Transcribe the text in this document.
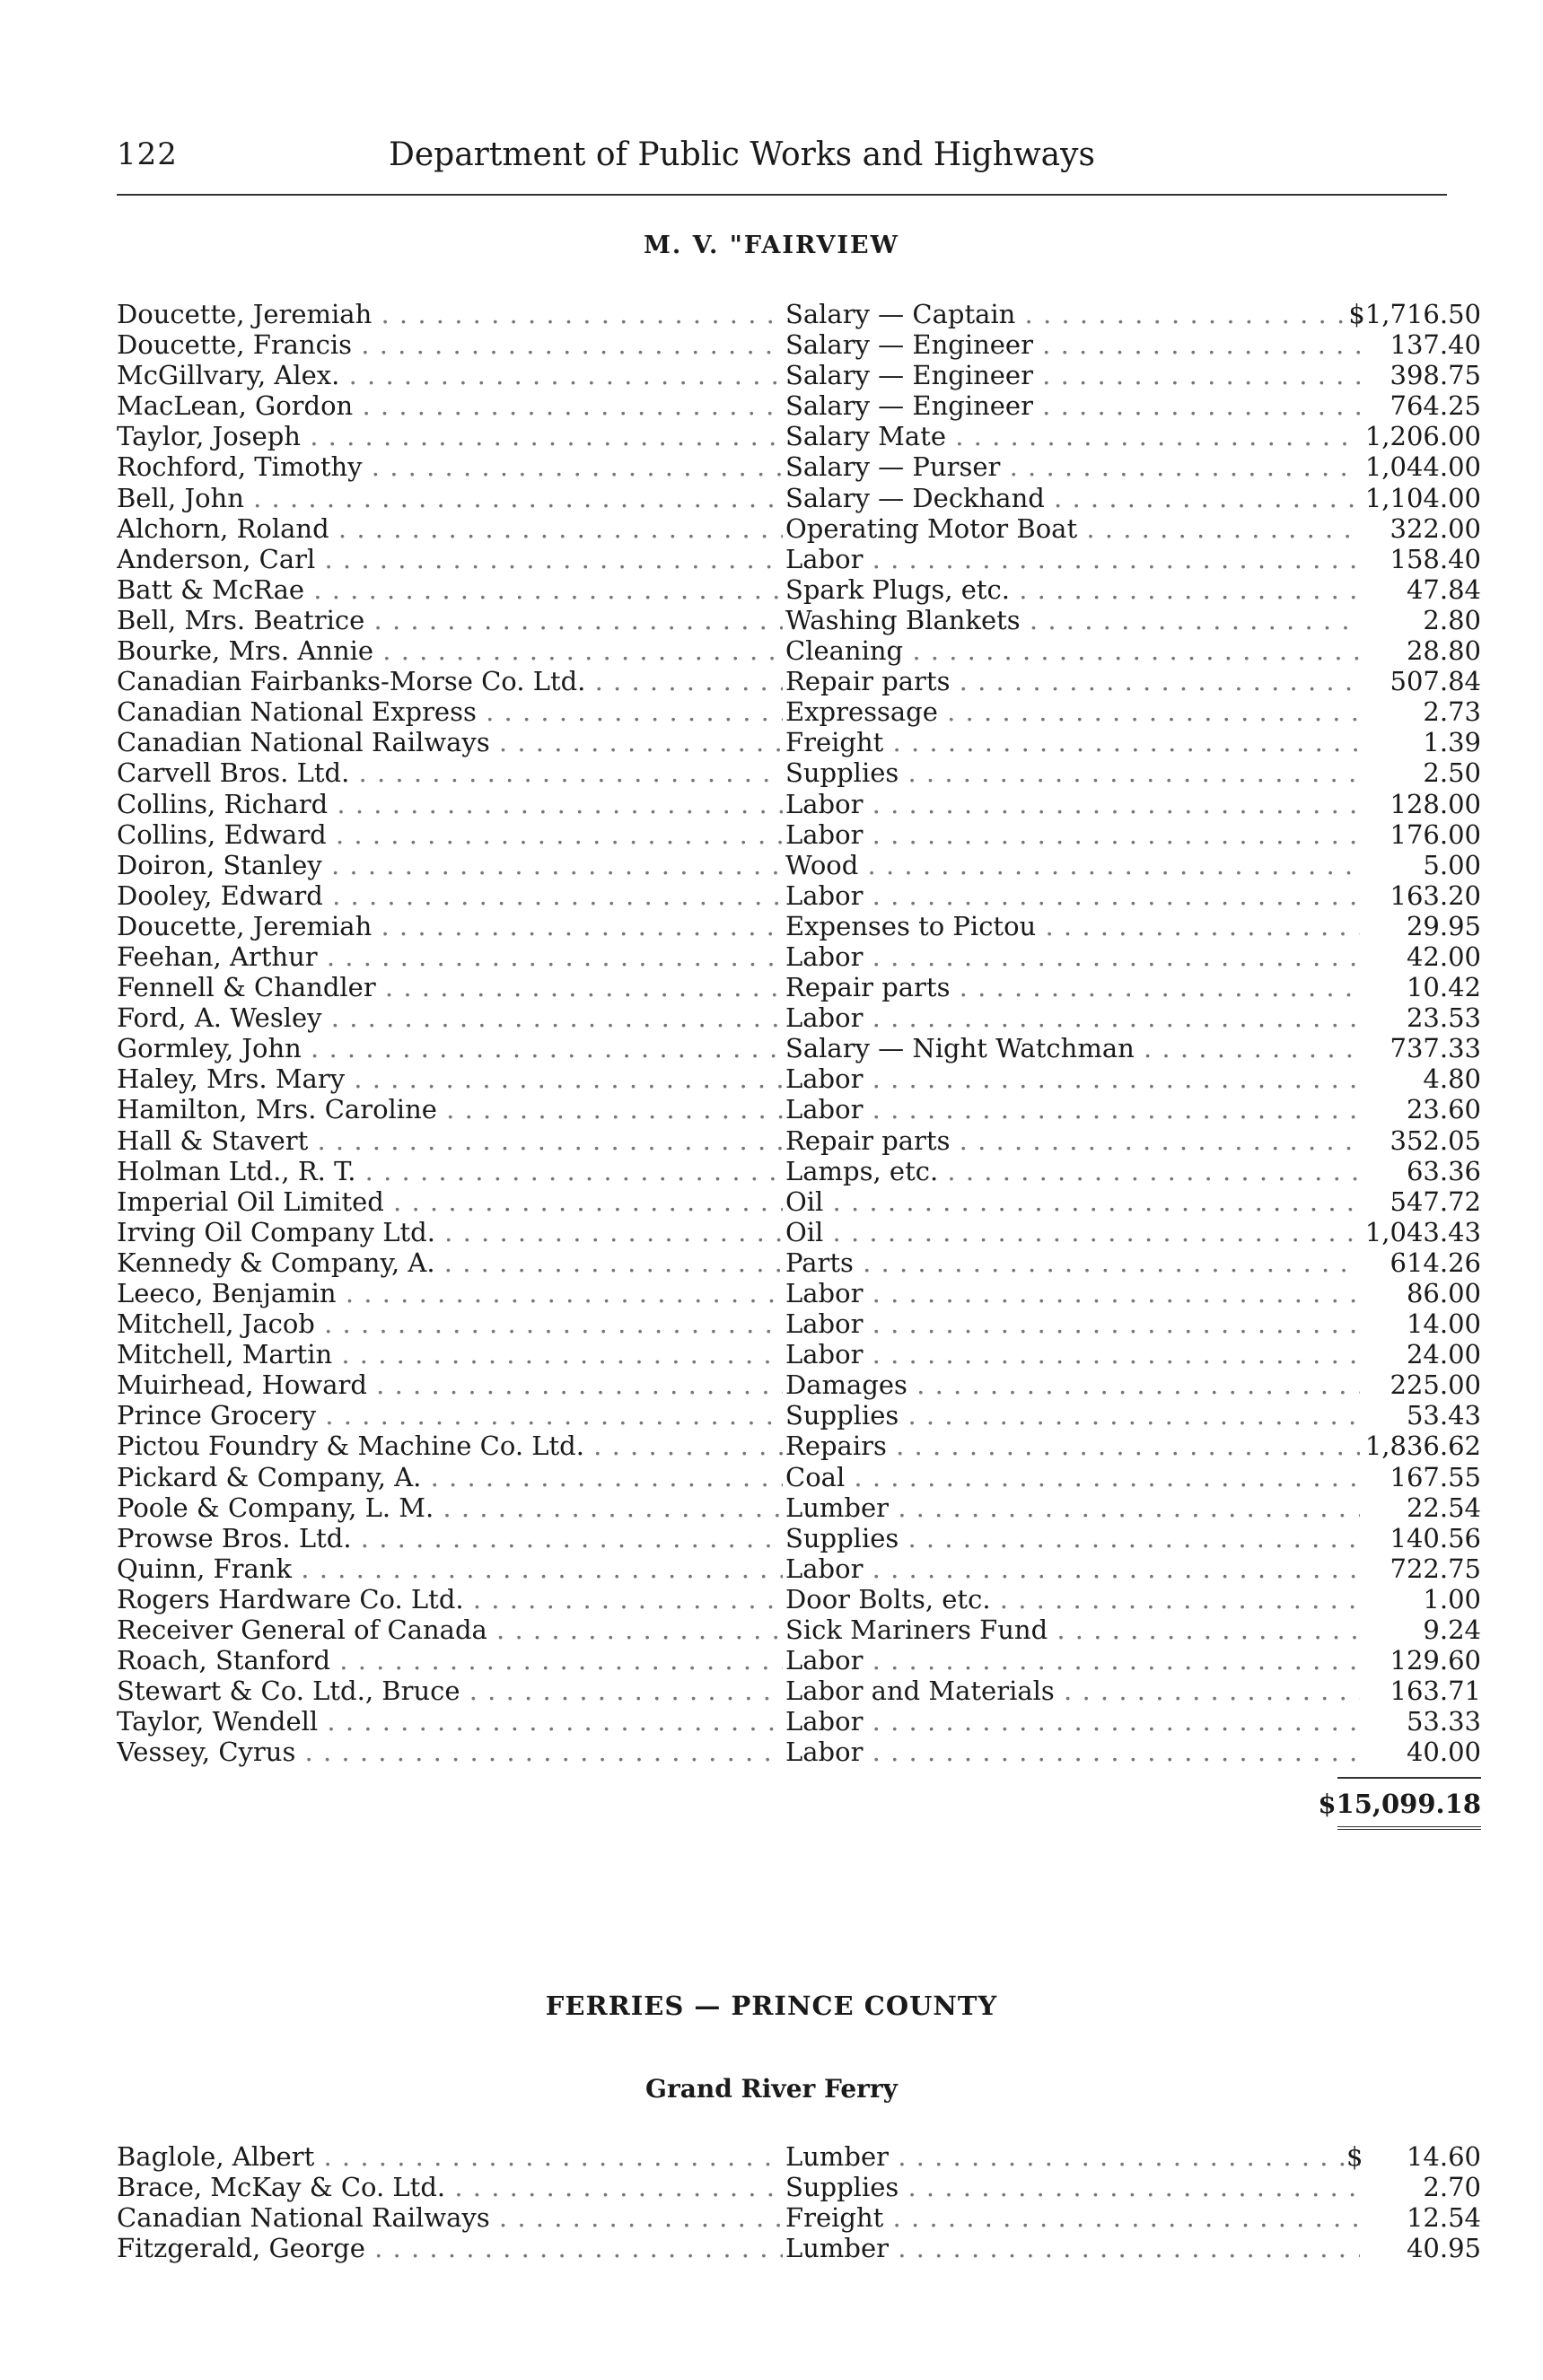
122	Department of Public Works and Highways
M. V. "FAIRVIEW
Doucette, Jeremiah . . .	Salary — Captain . . .	$1,716.50
Doucette, Francis . . .	Salary — Engineer . . .	137.40
McGillvary, Alex. . . .	Salary — Engineer . . .	398.75
MacLean, Gordon . . .	Salary — Engineer . . .	764.25
Taylor, Joseph . . .	Salary Mate . . .	1,206.00
Rochford, Timothy . . .	Salary — Purser . . .	1,044.00
Bell, John . . .	Salary — Deckhand . . .	1,104.00
Alchorn, Roland . . .	Operating Motor Boat . . .	322.00
Anderson, Carl . . .	Labor . . .	158.40
Batt & McRae . . .	Spark Plugs, etc. . . .	47.84
Bell, Mrs. Beatrice . . .	Washing Blankets . . .	2.80
Bourke, Mrs. Annie . . .	Cleaning . . .	28.80
Canadian Fairbanks-Morse Co. Ltd. . . .	Repair parts . . .	507.84
Canadian National Express . . .	Expressage . . .	2.73
Canadian National Railways . . .	Freight . . .	1.39
Carvell Bros. Ltd. . . .	Supplies . . .	2.50
Collins, Richard . . .	Labor . . .	128.00
Collins, Edward . . .	Labor . . .	176.00
Doiron, Stanley . . .	Wood . . .	5.00
Dooley, Edward . . .	Labor . . .	163.20
Doucette, Jeremiah . . .	Expenses to Pictou . . .	29.95
Feehan, Arthur . . .	Labor . . .	42.00
Fennell & Chandler . . .	Repair parts . . .	10.42
Ford, A. Wesley . . .	Labor . . .	23.53
Gormley, John . . .	Salary — Night Watchman . . .	737.33
Haley, Mrs. Mary . . .	Labor . . .	4.80
Hamilton, Mrs. Caroline . . .	Labor . . .	23.60
Hall & Stavert . . .	Repair parts . . .	352.05
Holman Ltd., R. T. . . .	Lamps, etc. . . .	63.36
Imperial Oil Limited . . .	Oil . . .	547.72
Irving Oil Company Ltd. . . .	Oil . . .	1,043.43
Kennedy & Company, A. . . .	Parts . . .	614.26
Leeco, Benjamin . . .	Labor . . .	86.00
Mitchell, Jacob . . .	Labor . . .	14.00
Mitchell, Martin . . .	Labor . . .	24.00
Muirhead, Howard . . .	Damages . . .	225.00
Prince Grocery . . .	Supplies . . .	53.43
Pictou Foundry & Machine Co. Ltd. . . .	Repairs . . .	1,836.62
Pickard & Company, A. . . .	Coal . . .	167.55
Poole & Company, L. M. . . .	Lumber . . .	22.54
Prowse Bros. Ltd. . . .	Supplies . . .	140.56
Quinn, Frank . . .	Labor . . .	722.75
Rogers Hardware Co. Ltd. . . .	Door Bolts, etc. . . .	1.00
Receiver General of Canada . . .	Sick Mariners Fund . . .	9.24
Roach, Stanford . . .	Labor . . .	129.60
Stewart & Co. Ltd., Bruce . . .	Labor and Materials . . .	163.71
Taylor, Wendell . . .	Labor . . .	53.33
Vessey, Cyrus . . .	Labor . . .	40.00
$15,099.18
FERRIES — PRINCE COUNTY
Grand River Ferry
Baglole, Albert . . .	Lumber . . .	14.60
$
Brace, McKay & Co. Ltd. . . .	Supplies . . .	2.70
Canadian National Railways . . .	Freight . . .	12.54
Fitzgerald, George . . .	Lumber . . .	40.95
